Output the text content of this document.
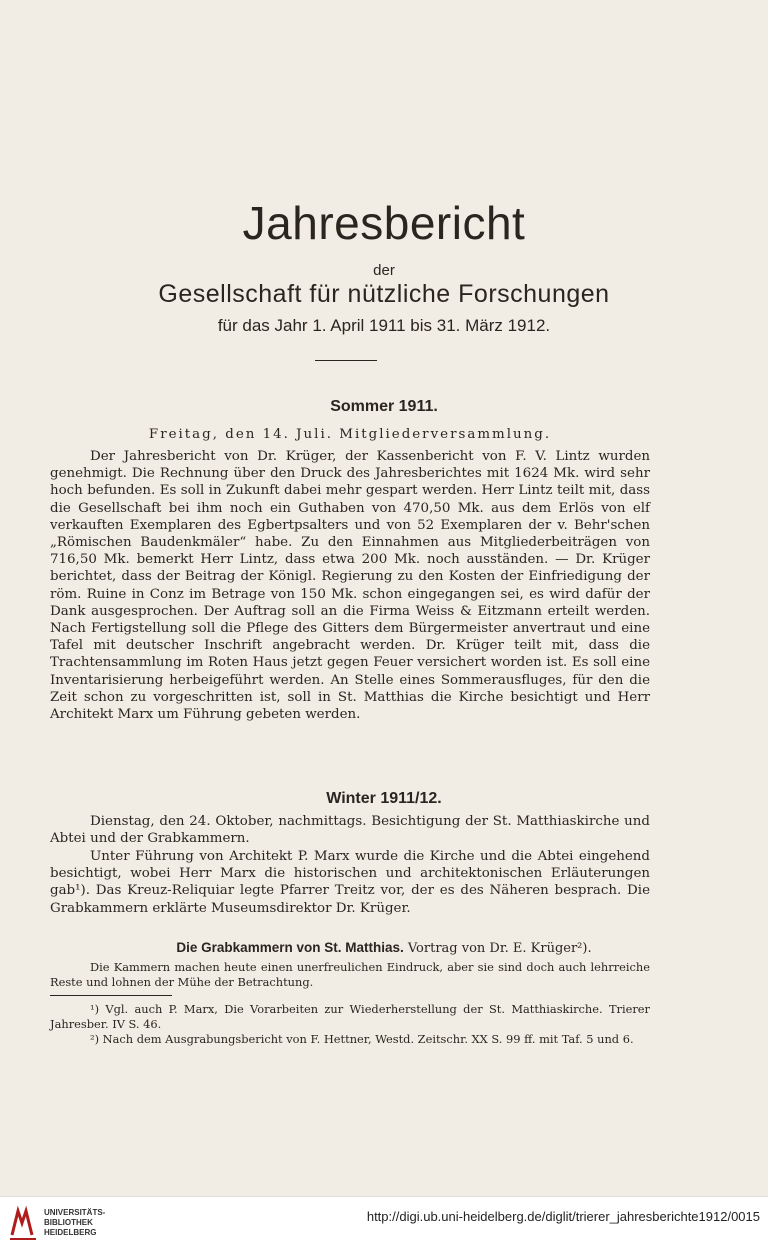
Jahresbericht
der
Gesellschaft für nützliche Forschungen
für das Jahr 1. April 1911 bis 31. März 1912.
Sommer 1911.
Freitag, den 14. Juli. Mitgliederversammlung.
Der Jahresbericht von Dr. Krüger, der Kassenbericht von F. V. Lintz wurden genehmigt. Die Rechnung über den Druck des Jahresberichtes mit 1624 Mk. wird sehr hoch befunden. Es soll in Zukunft dabei mehr gespart werden. Herr Lintz teilt mit, dass die Gesellschaft bei ihm noch ein Guthaben von 470,50 Mk. aus dem Erlös von elf verkauften Exemplaren des Egbertpsalters und von 52 Exemplaren der v. Behr'schen „Römischen Baudenkmäler“ habe. Zu den Einnahmen aus Mitgliederbeiträgen von 716,50 Mk. bemerkt Herr Lintz, dass etwa 200 Mk. noch ausständen. — Dr. Krüger berichtet, dass der Beitrag der Königl. Regierung zu den Kosten der Einfriedigung der röm. Ruine in Conz im Betrage von 150 Mk. schon eingegangen sei, es wird dafür der Dank ausgesprochen. Der Auftrag soll an die Firma Weiss & Eitzmann erteilt werden. Nach Fertigstellung soll die Pflege des Gitters dem Bürgermeister anvertraut und eine Tafel mit deutscher Inschrift angebracht werden. Dr. Krüger teilt mit, dass die Trachtensammlung im Roten Haus jetzt gegen Feuer versichert worden ist. Es soll eine Inventarisierung herbeigeführt werden. An Stelle eines Sommerausfluges, für den die Zeit schon zu vorgeschritten ist, soll in St. Matthias die Kirche besichtigt und Herr Architekt Marx um Führung gebeten werden.
Winter 1911/12.
Dienstag, den 24. Oktober, nachmittags. Besichtigung der St. Matthiaskirche und Abtei und der Grabkammern.
Unter Führung von Architekt P. Marx wurde die Kirche und die Abtei eingehend besichtigt, wobei Herr Marx die historischen und architektonischen Erläuterungen gab¹). Das Kreuz-Reliquiar legte Pfarrer Treitz vor, der es des Näheren besprach. Die Grabkammern erklärte Museumsdirektor Dr. Krüger.
Die Grabkammern von St. Matthias. Vortrag von Dr. E. Krüger²).
Die Kammern machen heute einen unerfreulichen Eindruck, aber sie sind doch auch lehrreiche Reste und lohnen der Mühe der Betrachtung.
¹) Vgl. auch P. Marx, Die Vorarbeiten zur Wiederherstellung der St. Matthiaskirche. Trierer Jahresber. IV S. 46.
²) Nach dem Ausgrabungsbericht von F. Hettner, Westd. Zeitschr. XX S. 99 ff. mit Taf. 5 und 6.
UNIVERSITÄTS-
BIBLIOTHEK
HEIDELBERG
http://digi.ub.uni-heidelberg.de/diglit/trierer_jahresberichte1912/0015
